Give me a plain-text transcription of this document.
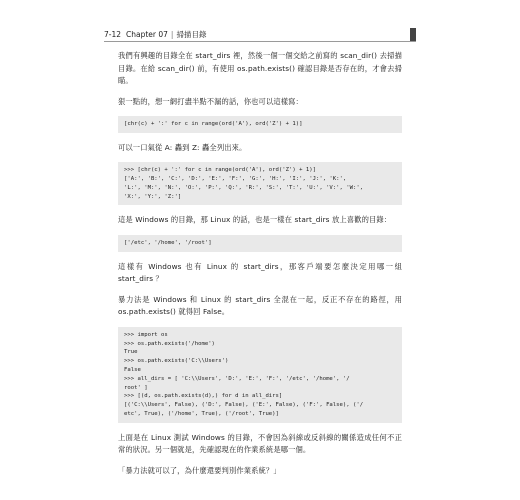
7-12 Chapter 07 | 掃描目錄

我們有興趣的目錄全在 start_dirs 裡，然後一個一個交給之前寫的 scan_dir() 去掃描目錄。在給 scan_dir() 前，有使用 os.path.exists() 確認目錄是否存在的，才會去掃瞄。

狠一點的，想一網打盡半點不漏的話，你也可以這樣寫：

[chr(c) + ':' for c in range(ord('A'), ord('Z') + 1)]

可以一口氣從 A: 轟到 Z: 轟全列出來。

>>> [chr(c) + ':' for c in range(ord('A'), ord('Z') + 1)]
['A:', 'B:', 'C:', 'D:', 'E:', 'F:', 'G:', 'H:', 'I:', 'J:', 'K:',
'L:', 'M:', 'N:', 'O:', 'P:', 'Q:', 'R:', 'S:', 'T:', 'U:', 'V:', 'W:',
'X:', 'Y:', 'Z:']

這是 Windows 的目錄，那 Linux 的話，也是一樣在 start_dirs 放上喜歡的目錄：

['/etc', '/home', '/root']

這樣有 Windows 也有 Linux 的 start_dirs，那客戶端要怎麼決定用哪一組 start_dirs ？

暴力法是 Windows 和 Linux 的 start_dirs 全混在一起，反正不存在的路徑，用 os.path.exists() 就得回 False。

>>> import os
>>> os.path.exists('/home')
True
>>> os.path.exists('C:\\Users')
False
>>> all_dirs = [ 'C:\\Users', 'D:', 'E:', 'F:', '/etc', '/home', '/
root' ]
>>> [(d, os.path.exists(d),) for d in all_dirs]
[('C:\\Users', False), ('D:', False), ('E:', False), ('F:', False), ('/
etc', True), ('/home', True), ('/root', True)]

上面是在 Linux 測試 Windows 的目錄，不會因為斜線或反斜線的關係造成任何不正常的狀況。另一個就是，先確認現在的作業系統是哪一個。

「暴力法就可以了，為什麼還要判別作業系統？」
